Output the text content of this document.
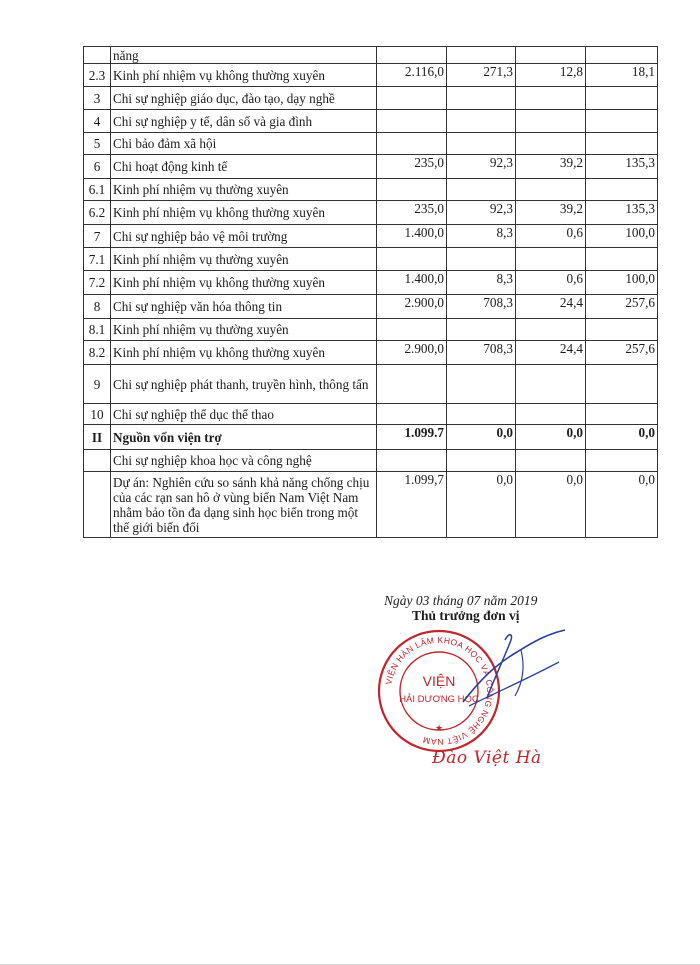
	năng				
2.3	Kinh phí nhiệm vụ không thường xuyên	2.116,0	271,3	12,8	18,1
3	Chi sự nghiệp giáo dục, đào tạo, dạy nghề				
4	Chi sự nghiệp y tế, dân số và gia đình				
5	Chi bảo đảm xã hội				
6	Chi hoạt động kinh tế	235,0	92,3	39,2	135,3
6.1	Kinh phí nhiệm vụ thường xuyên				
6.2	Kinh phí nhiệm vụ không thường xuyên	235,0	92,3	39,2	135,3
7	Chi sự nghiệp bảo vệ môi trường	1.400,0	8,3	0,6	100,0
7.1	Kinh phí nhiệm vụ thường xuyên				
7.2	Kinh phí nhiệm vụ không thường xuyên	1.400,0	8,3	0,6	100,0
8	Chi sự nghiệp văn hóa thông tin	2.900,0	708,3	24,4	257,6
8.1	Kinh phí nhiệm vụ thường xuyên				
8.2	Kinh phí nhiệm vụ không thường xuyên	2.900,0	708,3	24,4	257,6
9	Chi sự nghiệp phát thanh, truyền hình, thông tấn				
10	Chi sự nghiệp thể dục thể thao				
II	Nguồn vốn viện trợ	1.099.7	0,0	0,0	0,0
	Chi sự nghiệp khoa học và công nghệ				
	Dự án: Nghiên cứu so sánh khả năng chống chịu của các rạn san hô ở vùng biển Nam Việt Nam nhằm bảo tồn đa dạng sinh học biển trong một thế giới biến đổi	1.099,7	0,0	0,0	0,0
Ngày 03 tháng 07 năm 2019
Thủ trưởng đơn vị
VIỆN HÀN LÂM KHOA HỌC VÀ CÔNG NGHỆ VIỆT NAM
VIỆN
HẢI DƯƠNG HỌC
★
Đào Việt Hà
